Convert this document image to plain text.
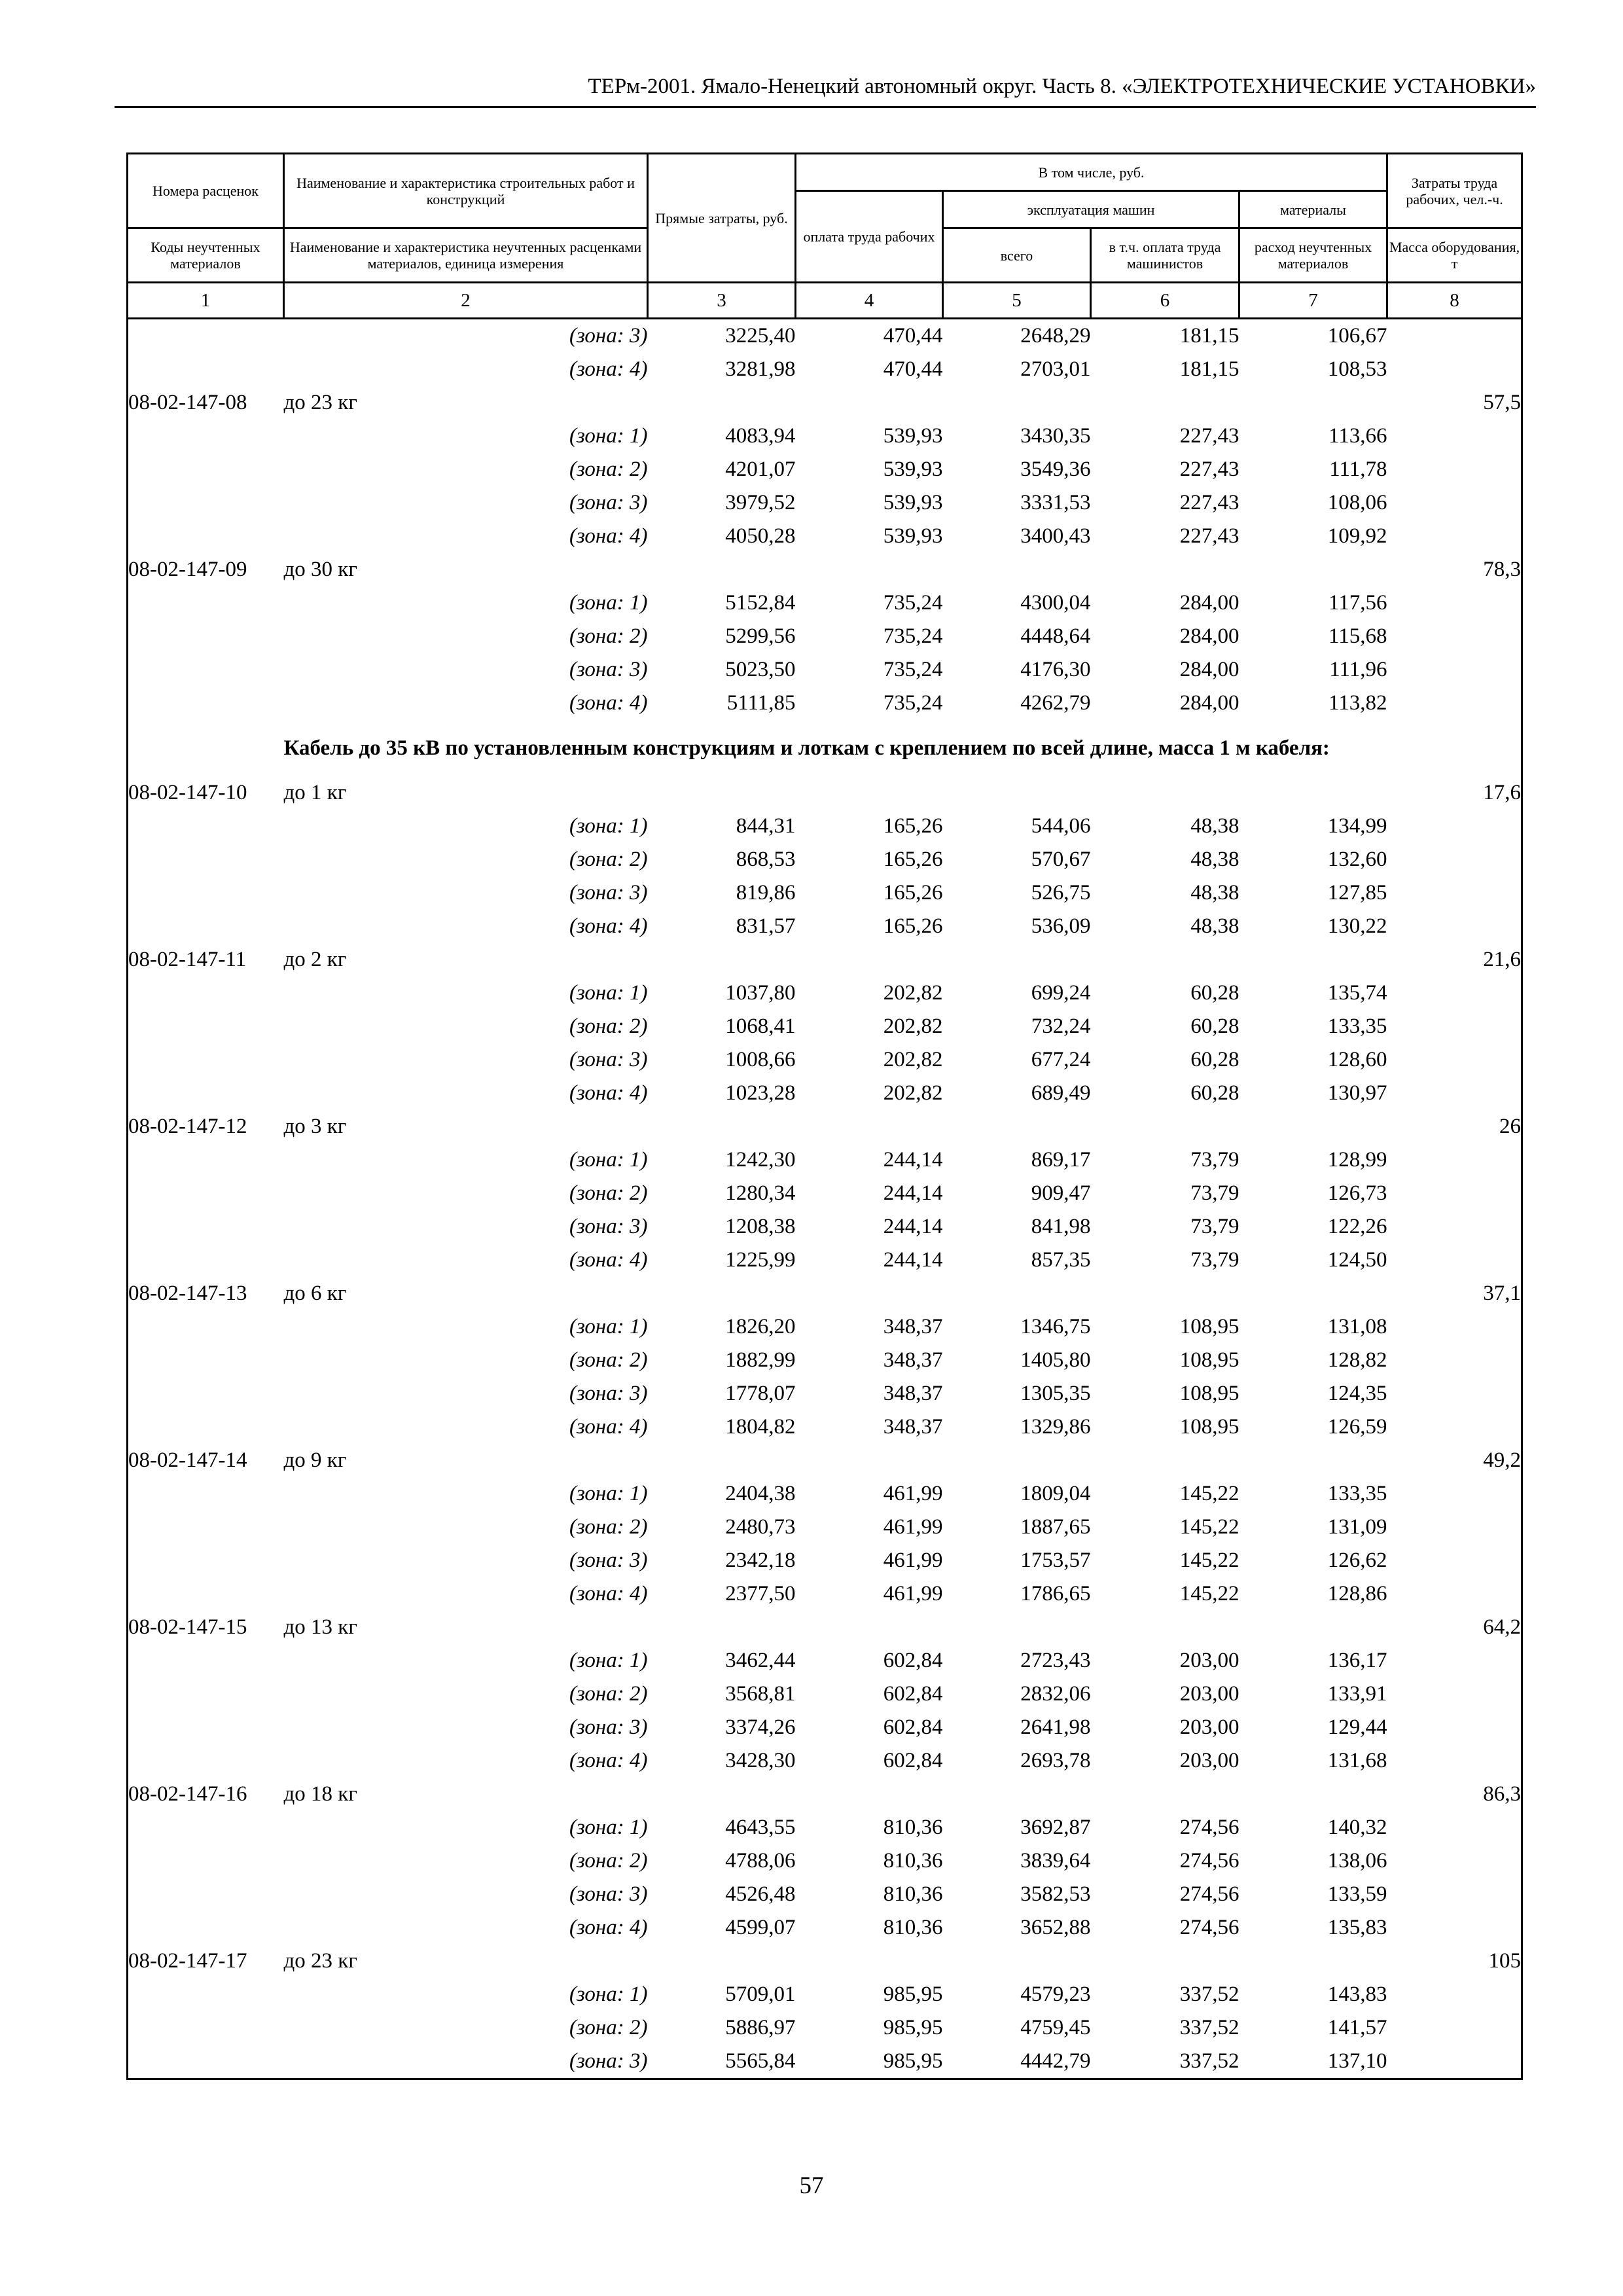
ТЕРм-2001. Ямало-Ненецкий автономный округ. Часть 8. «ЭЛЕКТРОТЕХНИЧЕСКИЕ УСТАНОВКИ»
Номера расценок	Наименование и характеристика строительных работ и конструкций	Прямые затраты, руб.	В том числе, руб.				Затраты труда рабочих, чел.-ч.
			оплата труда рабочих	эксплуатация машин		материалы	
Коды неучтенных материалов	Наименование и характеристика неучтенных расценками материалов, единица измерения			всего	в т.ч. оплата труда машинистов	расход неучтенных материалов	Масса оборудования, т
1	2	3	4	5	6	7	8
	(зона: 3)	3225,40	470,44	2648,29	181,15	106,67	
	(зона: 4)	3281,98	470,44	2703,01	181,15	108,53	
08-02-147-08	до 23 кг						57,5
	(зона: 1)	4083,94	539,93	3430,35	227,43	113,66	
	(зона: 2)	4201,07	539,93	3549,36	227,43	111,78	
	(зона: 3)	3979,52	539,93	3331,53	227,43	108,06	
	(зона: 4)	4050,28	539,93	3400,43	227,43	109,92	
08-02-147-09	до 30 кг						78,3
	(зона: 1)	5152,84	735,24	4300,04	284,00	117,56	
	(зона: 2)	5299,56	735,24	4448,64	284,00	115,68	
	(зона: 3)	5023,50	735,24	4176,30	284,00	111,96	
	(зона: 4)	5111,85	735,24	4262,79	284,00	113,82	
	Кабель до 35 кВ по установленным конструкциям и лоткам с креплением по всей длине, масса 1 м кабеля:						
08-02-147-10	до 1 кг						17,6
	(зона: 1)	844,31	165,26	544,06	48,38	134,99	
	(зона: 2)	868,53	165,26	570,67	48,38	132,60	
	(зона: 3)	819,86	165,26	526,75	48,38	127,85	
	(зона: 4)	831,57	165,26	536,09	48,38	130,22	
08-02-147-11	до 2 кг						21,6
	(зона: 1)	1037,80	202,82	699,24	60,28	135,74	
	(зона: 2)	1068,41	202,82	732,24	60,28	133,35	
	(зона: 3)	1008,66	202,82	677,24	60,28	128,60	
	(зона: 4)	1023,28	202,82	689,49	60,28	130,97	
08-02-147-12	до 3 кг						26
	(зона: 1)	1242,30	244,14	869,17	73,79	128,99	
	(зона: 2)	1280,34	244,14	909,47	73,79	126,73	
	(зона: 3)	1208,38	244,14	841,98	73,79	122,26	
	(зона: 4)	1225,99	244,14	857,35	73,79	124,50	
08-02-147-13	до 6 кг						37,1
	(зона: 1)	1826,20	348,37	1346,75	108,95	131,08	
	(зона: 2)	1882,99	348,37	1405,80	108,95	128,82	
	(зона: 3)	1778,07	348,37	1305,35	108,95	124,35	
	(зона: 4)	1804,82	348,37	1329,86	108,95	126,59	
08-02-147-14	до 9 кг						49,2
	(зона: 1)	2404,38	461,99	1809,04	145,22	133,35	
	(зона: 2)	2480,73	461,99	1887,65	145,22	131,09	
	(зона: 3)	2342,18	461,99	1753,57	145,22	126,62	
	(зона: 4)	2377,50	461,99	1786,65	145,22	128,86	
08-02-147-15	до 13 кг						64,2
	(зона: 1)	3462,44	602,84	2723,43	203,00	136,17	
	(зона: 2)	3568,81	602,84	2832,06	203,00	133,91	
	(зона: 3)	3374,26	602,84	2641,98	203,00	129,44	
	(зона: 4)	3428,30	602,84	2693,78	203,00	131,68	
08-02-147-16	до 18 кг						86,3
	(зона: 1)	4643,55	810,36	3692,87	274,56	140,32	
	(зона: 2)	4788,06	810,36	3839,64	274,56	138,06	
	(зона: 3)	4526,48	810,36	3582,53	274,56	133,59	
	(зона: 4)	4599,07	810,36	3652,88	274,56	135,83	
08-02-147-17	до 23 кг						105
	(зона: 1)	5709,01	985,95	4579,23	337,52	143,83	
	(зона: 2)	5886,97	985,95	4759,45	337,52	141,57	
	(зона: 3)	5565,84	985,95	4442,79	337,52	137,10	
57
